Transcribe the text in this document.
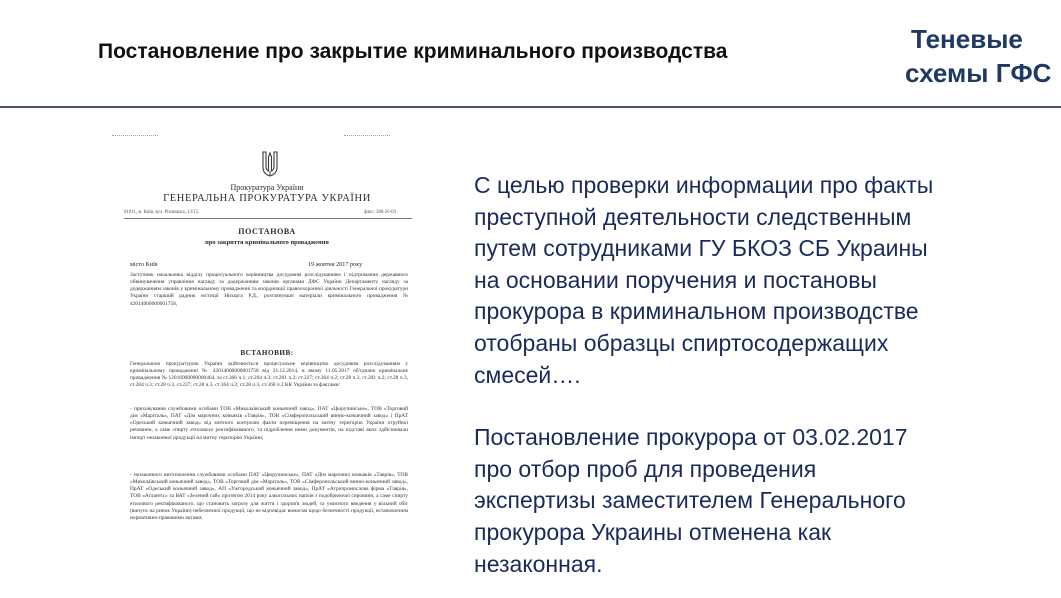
Постановление про закрытие криминального производства	Теневые
схемы ГФС
Прокуратура України
ГЕНЕРАЛЬНА ПРОКУРАТУРА УКРАЇНИ
01011, м. Київ, вул. Різницька, 13/15,	факс: 280-26-03
ПОСТАНОВА
про закриття кримінального провадження
місто Київ	19 жовтня 2017 року
Заступник начальника відділу процесуального керівництва досудовим розслідуванням і підтримання державного обвинувачення управління нагляду за додержанням законів органами ДФС України Департаменту нагляду за додержанням законів у кримінальному провадженні та координації правоохоронної діяльності Генеральної прокуратури України старший радник юстиції Низарга Р.Д., розглянувши матеріали кримінального провадження № 42014000000001758,
ВСТАНОВИВ:
Генеральною прокуратурою України здійснюється процесуальне керівництво досудовим розслідуванням у кримінальному провадженні № 42014000000001758 від 31.12.2014, в якому 11.05.2017 об'єднано кримінальне провадження № 12016000000000464, за ст.366 ч.1; ст.204 ч.3; ст.201 ч.2; ст.227; ст.364 ч.2; ст.28 ч.3, ст.201 ч.2; ст.28 ч.3, ст.204 ч.3; ст.28 ч.3, ст.227; ст.28 ч.3, ст.364 ч.2; ст.28 ч.3, ст.366 ч.2 КК України за фактами:
- приховування службовими особами ТОВ «Миколаївський коньячний завод», ПАТ «Цюрупинське», ТОВ «Торговий дім «Маріталь», ПАТ «Дім марочних коньяків «Таврія», ТОВ «Сімферопольський винно-коньячний завод» і ПрАТ «Одеський коньячний завод» від митного контролю факти переміщення на митну територію України отруйної речовини, а саме спирту етилового ректифікованого, та підроблення ними документів, на підставі яких здійснювали імпорт незаконної продукції на митну територію України;
- незаконного виготовлення службовими особами ПАТ «Цюрупинське», ПАТ «Дім марочних коньяків «Таврія», ТОВ «Миколаївський коньячний завод», ТОВ «Торговий дім «Маріталь», ТОВ «Сімферопольський винно-коньячний завод», ПрАТ «Одеський коньячний завод», АП «Ужгородський коньячний завод», ПрАТ «Агропромислова фірма «Таврія», ТОВ «Атлантіс» та ВАТ «Зелений гай» протягом 2014 року алкогольних напоїв з подобрюючої сировини, а саме спирту етилового ректифікованого, що становить загрозу для життя і здоров'я людей, та умисного введення у вільний обіг (випуск на ринок України) небезпечної продукції, що не відповідає вимогам щодо безпечності продукції, встановленим нормативно-правовими актами;

С целью проверки информации про факты
преступной деятельности следственным
путем сотрудниками ГУ БКОЗ СБ Украины
на основании поручения и постановы
прокурора в криминальном производстве
отобраны образцы спиртосодержащих
смесей….

Постановление прокурора от 03.02.2017
про отбор проб для проведения
экспертизы заместителем Генерального
прокурора Украины отменена как
незаконная.
